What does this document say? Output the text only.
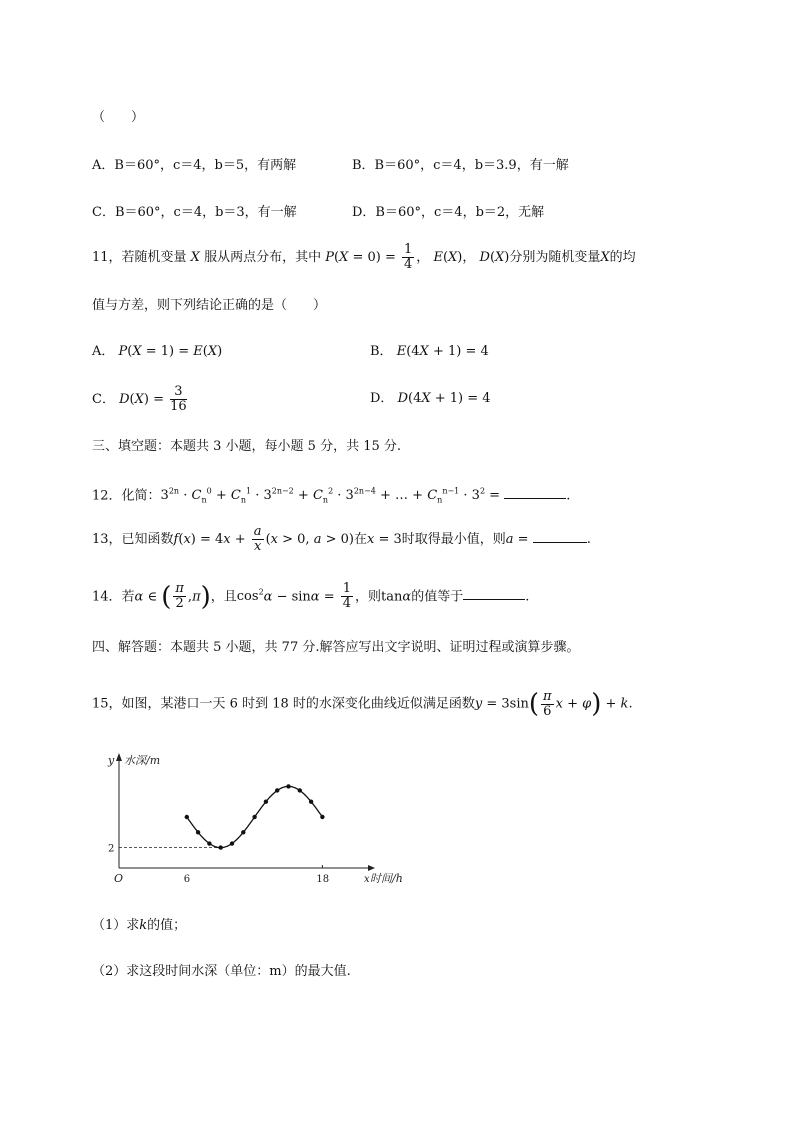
（　　）
A．B＝60°，c＝4，b＝5，有两解	B．B＝60°，c＝4，b＝3.9，有一解
C．B＝60°，c＝4，b＝3，有一解	D．B＝60°，c＝4，b＝2，无解
11，若随机变量 X 服从两点分布，其中 $P(X = 0) = \frac{1}{4}$ ， E(X)， D(X)分别为随机变量X的均
值与方差，则下列结论正确的是（　　）
A． P(X = 1) = E(X)	B． E(4X + 1) = 4
C． $D(X) = \frac{3}{16}$	D． D(4X + 1) = 4
三、填空题：本题共 3 小题，每小题 5 分，共 15 分.
12．化简：$3^{2n} \cdot C_n^0 + C_n^1 \cdot 3^{2n-2} + C_n^2 \cdot 3^{2n-4}$ + … + $C_n^{n-1} \cdot 3^2$ =	.
13，已知函数$f(x) = 4x + \frac{a}{x} (x > 0$, a > 0)在x = 3时取得最小值，则a =	.
14．若α ∈ ( $\frac{\pi}{2} ,\pi$)，且$\cos^2\alpha - \sin\alpha = \frac{1}{4}$ ，则tanα的值等于	.
四、解答题：本题共 5 小题，共 77 分.解答应写出文字说明、证明过程或演算步骤。
15，如图，某港口一天 6 时到 18 时的水深变化曲线近似满足函数$y = 3\sin( \frac{\pi}{6}$ x + φ) + k.
y 水深/m
x 时间/h
O	6	18
2
（1）求k的值；
（2）求这段时间水深（单位：m）的最大值.
